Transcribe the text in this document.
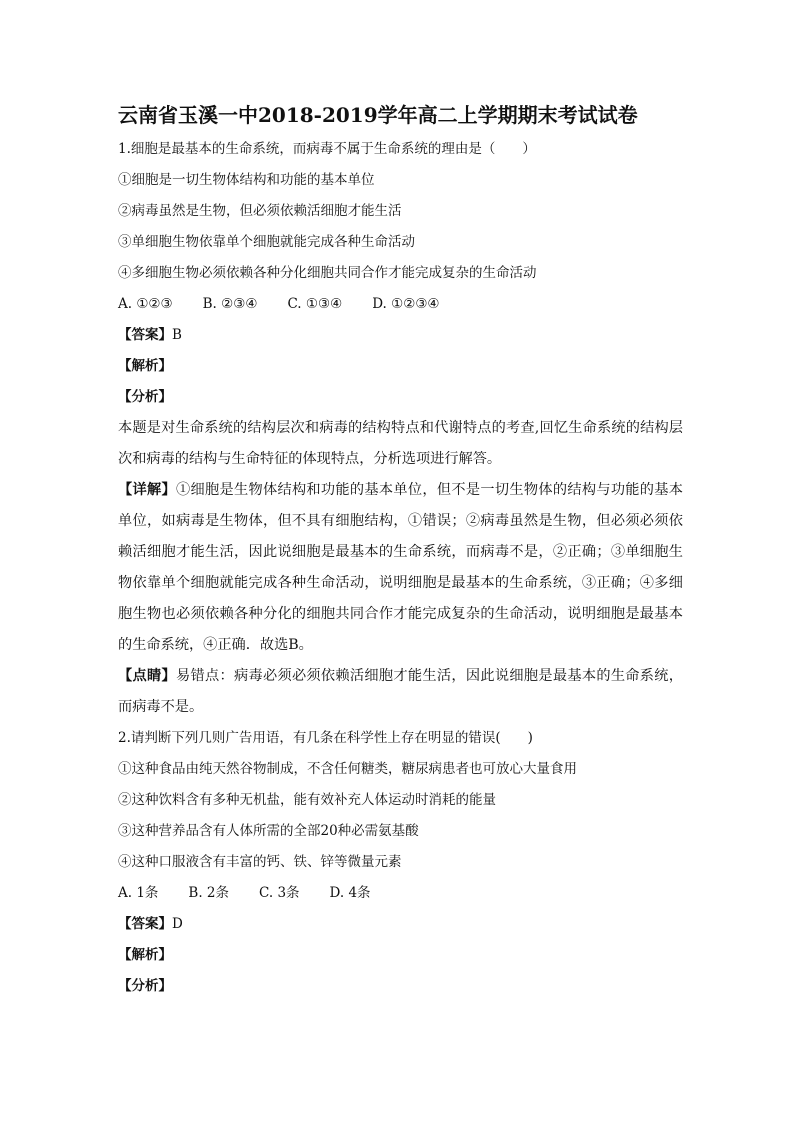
云南省玉溪一中2018-2019学年高二上学期期末考试试卷
1.细胞是最基本的生命系统，而病毒不属于生命系统的理由是（　　）
①细胞是一切生物体结构和功能的基本单位
②病毒虽然是生物，但必须依赖活细胞才能生活
③单细胞生物依靠单个细胞就能完成各种生命活动
④多细胞生物必须依赖各种分化细胞共同合作才能完成复杂的生命活动
A. ①②③ B. ②③④ C. ①③④ D. ①②③④
【答案】B
【解析】
【分析】
本题是对生命系统的结构层次和病毒的结构特点和代谢特点的考查,回忆生命系统的结构层次和病毒的结构与生命特征的体现特点，分析选项进行解答。
【详解】①细胞是生物体结构和功能的基本单位，但不是一切生物体的结构与功能的基本单位，如病毒是生物体，但不具有细胞结构，①错误；②病毒虽然是生物，但必须必须依赖活细胞才能生活，因此说细胞是最基本的生命系统，而病毒不是，②正确；③单细胞生物依靠单个细胞就能完成各种生命活动，说明细胞是最基本的生命系统，③正确；④多细胞生物也必须依赖各种分化的细胞共同合作才能完成复杂的生命活动，说明细胞是最基本的生命系统，④正确．故选B。
【点睛】易错点：病毒必须必须依赖活细胞才能生活，因此说细胞是最基本的生命系统，而病毒不是。
2.请判断下列几则广告用语，有几条在科学性上存在明显的错误(　　)
①这种食品由纯天然谷物制成，不含任何糖类，糖尿病患者也可放心大量食用
②这种饮料含有多种无机盐，能有效补充人体运动时消耗的能量
③这种营养品含有人体所需的全部20种必需氨基酸
④这种口服液含有丰富的钙、铁、锌等微量元素
A. 1条 B. 2条 C. 3条 D. 4条
【答案】D
【解析】
【分析】
